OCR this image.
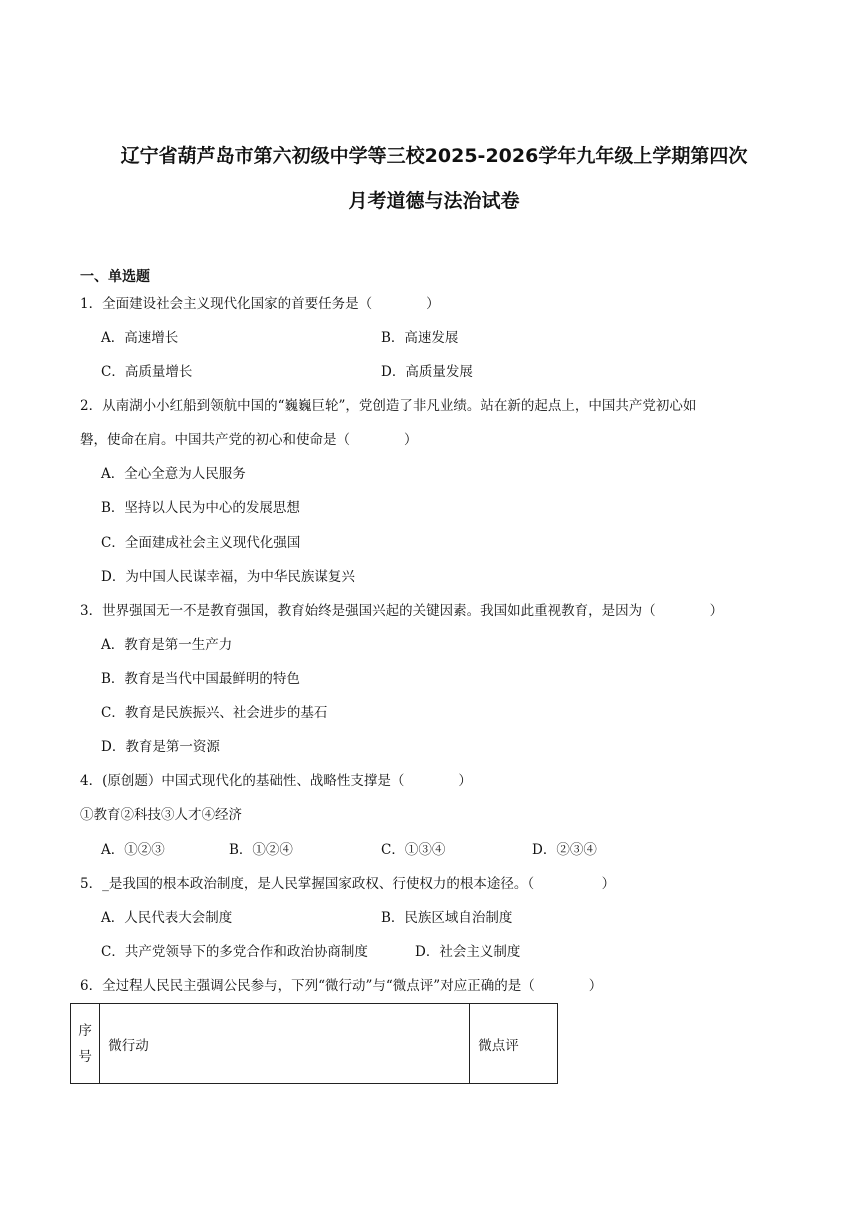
辽宁省葫芦岛市第六初级中学等三校2025-2026学年九年级上学期第四次
月考道德与法治试卷
一、单选题
1．全面建设社会主义现代化国家的首要任务是（　　　　）
A．高速增长	B．高速发展
C．高质量增长	D．高质量发展
2．从南湖小小红船到领航中国的“巍巍巨轮”，党创造了非凡业绩。站在新的起点上，中国共产党初心如
磐，使命在肩。中国共产党的初心和使命是（　　　　）
A．全心全意为人民服务
B．坚持以人民为中心的发展思想
C．全面建成社会主义现代化强国
D．为中国人民谋幸福，为中华民族谋复兴
3．世界强国无一不是教育强国，教育始终是强国兴起的关键因素。我国如此重视教育，是因为（　　　　）
A．教育是第一生产力
B．教育是当代中国最鲜明的特色
C．教育是民族振兴、社会进步的基石
D．教育是第一资源
4．(原创题）中国式现代化的基础性、战略性支撑是（　　　　）
①教育②科技③人才④经济
A．①②③	B．①②④	C．①③④	D．②③④
5．_是我国的根本政治制度，是人民掌握国家政权、行使权力的根本途径。（　　　　　）
A．人民代表大会制度	B．民族区域自治制度
C．共产党领导下的多党合作和政治协商制度	D．社会主义制度
6．全过程人民民主强调公民参与，下列“微行动”与“微点评”对应正确的是（　　　　）
序号	微行动	微点评
